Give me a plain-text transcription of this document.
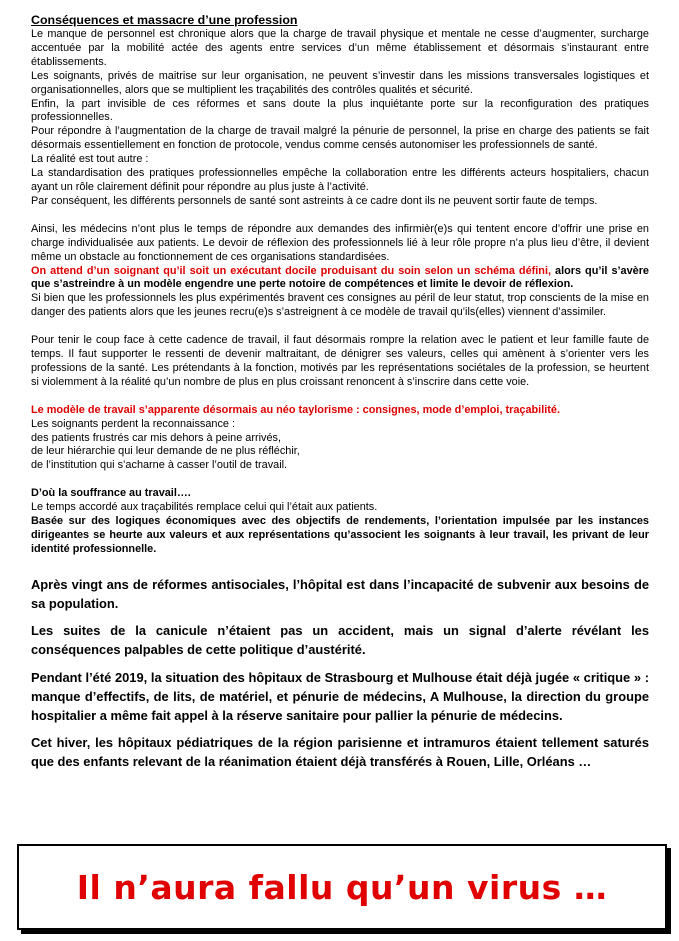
Conséquences et massacre d’une profession

Le manque de personnel est chronique alors que la charge de travail physique et mentale ne cesse d’augmenter, surcharge accentuée par la mobilité actée des agents entre services d’un même établissement et désormais s’instaurant entre établissements.

Les soignants, privés de maitrise sur leur organisation, ne peuvent s’investir dans les missions transversales logistiques et organisationnelles, alors que se multiplient les traçabilités des contrôles qualités et sécurité.

Enfin, la part invisible de ces réformes et sans doute la plus inquiétante porte sur la reconfiguration des pratiques professionnelles.

Pour répondre à l’augmentation de la charge de travail malgré la pénurie de personnel, la prise en charge des patients se fait désormais essentiellement en fonction de protocole, vendus comme censés autonomiser les professionnels de santé.

La réalité est tout autre :

La standardisation des pratiques professionnelles empêche la collaboration entre les différents acteurs hospitaliers, chacun ayant un rôle clairement définit pour répondre au plus juste à l’activité.

Par conséquent, les différents personnels de santé sont astreints à ce cadre dont ils ne peuvent sortir faute de temps.

Ainsi, les médecins n’ont plus le temps de répondre aux demandes des infirmièr(e)s qui tentent encore d’offrir une prise en charge individualisée aux patients. Le devoir de réflexion des professionnels lié à leur rôle propre n’a plus lieu d’être, il devient même un obstacle au fonctionnement de ces organisations standardisées.

On attend d’un soignant qu’il soit un exécutant docile produisant du soin selon un schéma défini, alors qu’il s’avère que s’astreindre à un modèle engendre une perte notoire de compétences et limite le devoir de réflexion.

Si bien que les professionnels les plus expérimentés bravent ces consignes au péril de leur statut, trop conscients de la mise en danger des patients alors que les jeunes recru(e)s s’astreignent à ce modèle de travail qu’ils(elles) viennent d’assimiler.

Pour tenir le coup face à cette cadence de travail, il faut désormais rompre la relation avec le patient et leur famille faute de temps. Il faut supporter le ressenti de devenir maltraitant, de dénigrer ses valeurs, celles qui amènent à s’orienter vers les professions de la santé. Les prétendants à la fonction, motivés par les représentations sociétales de la profession, se heurtent si violemment à la réalité qu’un nombre de plus en plus croissant renoncent à s’inscrire dans cette voie.

Le modèle de travail s’apparente désormais au néo taylorisme : consignes, mode d’emploi, traçabilité.

Les soignants perdent la reconnaissance :

des patients frustrés car mis dehors à peine arrivés,

de leur hiérarchie qui leur demande de ne plus réfléchir,

de l’institution qui s’acharne à casser l’outil de travail.

D’où la souffrance au travail….

Le temps accordé aux traçabilités remplace celui qui l’était aux patients.

Basée sur des logiques économiques avec des objectifs de rendements, l’orientation impulsée par les instances dirigeantes se heurte aux valeurs et aux représentations qu’associent les soignants à leur travail, les privant de leur identité professionnelle.

Après vingt ans de réformes antisociales, l’hôpital est dans l’incapacité de subvenir aux besoins de sa population.

Les suites de la canicule n’étaient pas un accident, mais un signal d’alerte révélant les conséquences palpables de cette politique d’austérité.

Pendant l’été 2019, la situation des hôpitaux de Strasbourg et Mulhouse était déjà jugée « critique » : manque d’effectifs, de lits, de matériel, et pénurie de médecins, A Mulhouse, la direction du groupe hospitalier a même fait appel à la réserve sanitaire pour pallier la pénurie de médecins.

Cet hiver, les hôpitaux pédiatriques de la région parisienne et intramuros étaient tellement saturés que des enfants relevant de la réanimation étaient déjà transférés à Rouen, Lille, Orléans …

Il n’aura fallu qu’un virus …
